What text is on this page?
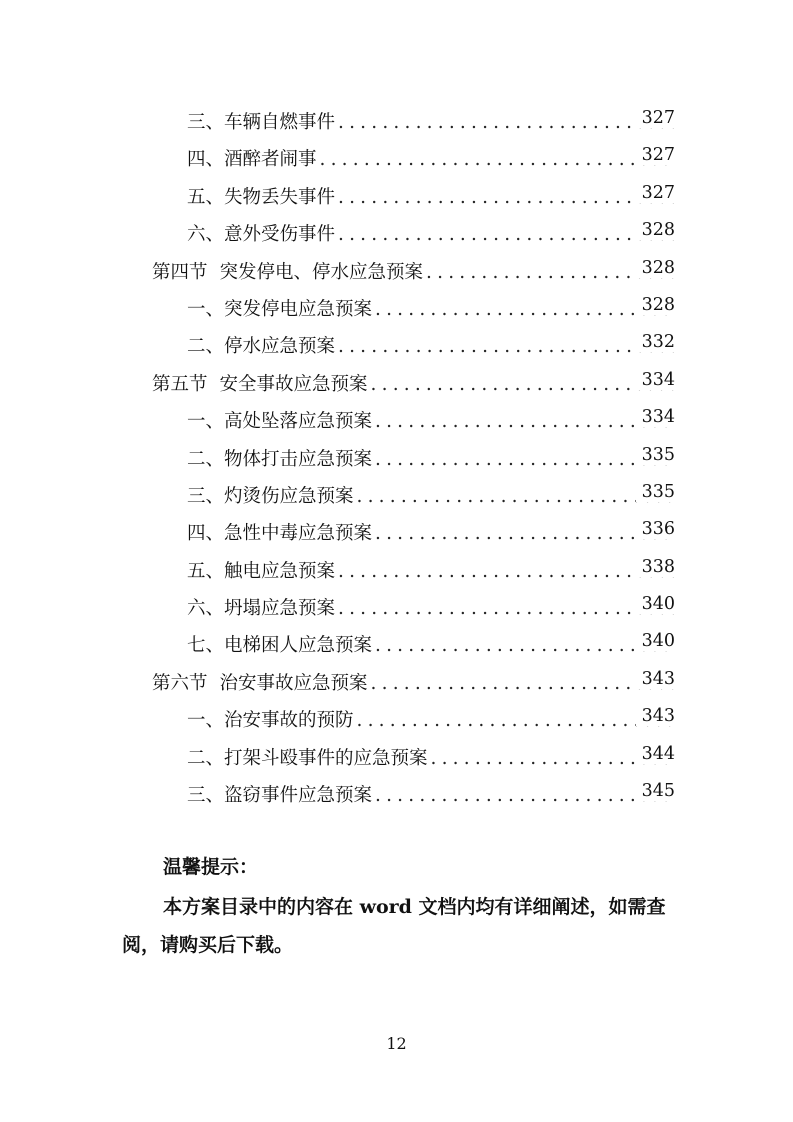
三、车辆自燃事件 .....	327
四、酒醉者闹事 .....	327
五、失物丢失事件 .....	327
六、意外受伤事件 .....	328
第四节 突发停电、停水应急预案 .....	328
一、突发停电应急预案 .....	328
二、停水应急预案 .....	332
第五节 安全事故应急预案 .....	334
一、高处坠落应急预案 .....	334
二、物体打击应急预案 .....	335
三、灼烫伤应急预案 .....	335
四、急性中毒应急预案 .....	336
五、触电应急预案 .....	338
六、坍塌应急预案 .....	340
七、电梯困人应急预案 .....	340
第六节 治安事故应急预案 .....	343
一、治安事故的预防 .....	343
二、打架斗殴事件的应急预案 .....	344
三、盗窃事件应急预案 .....	345
温馨提示：
本方案目录中的内容在 word 文档内均有详细阐述，如需查阅，请购买后下载。
12
